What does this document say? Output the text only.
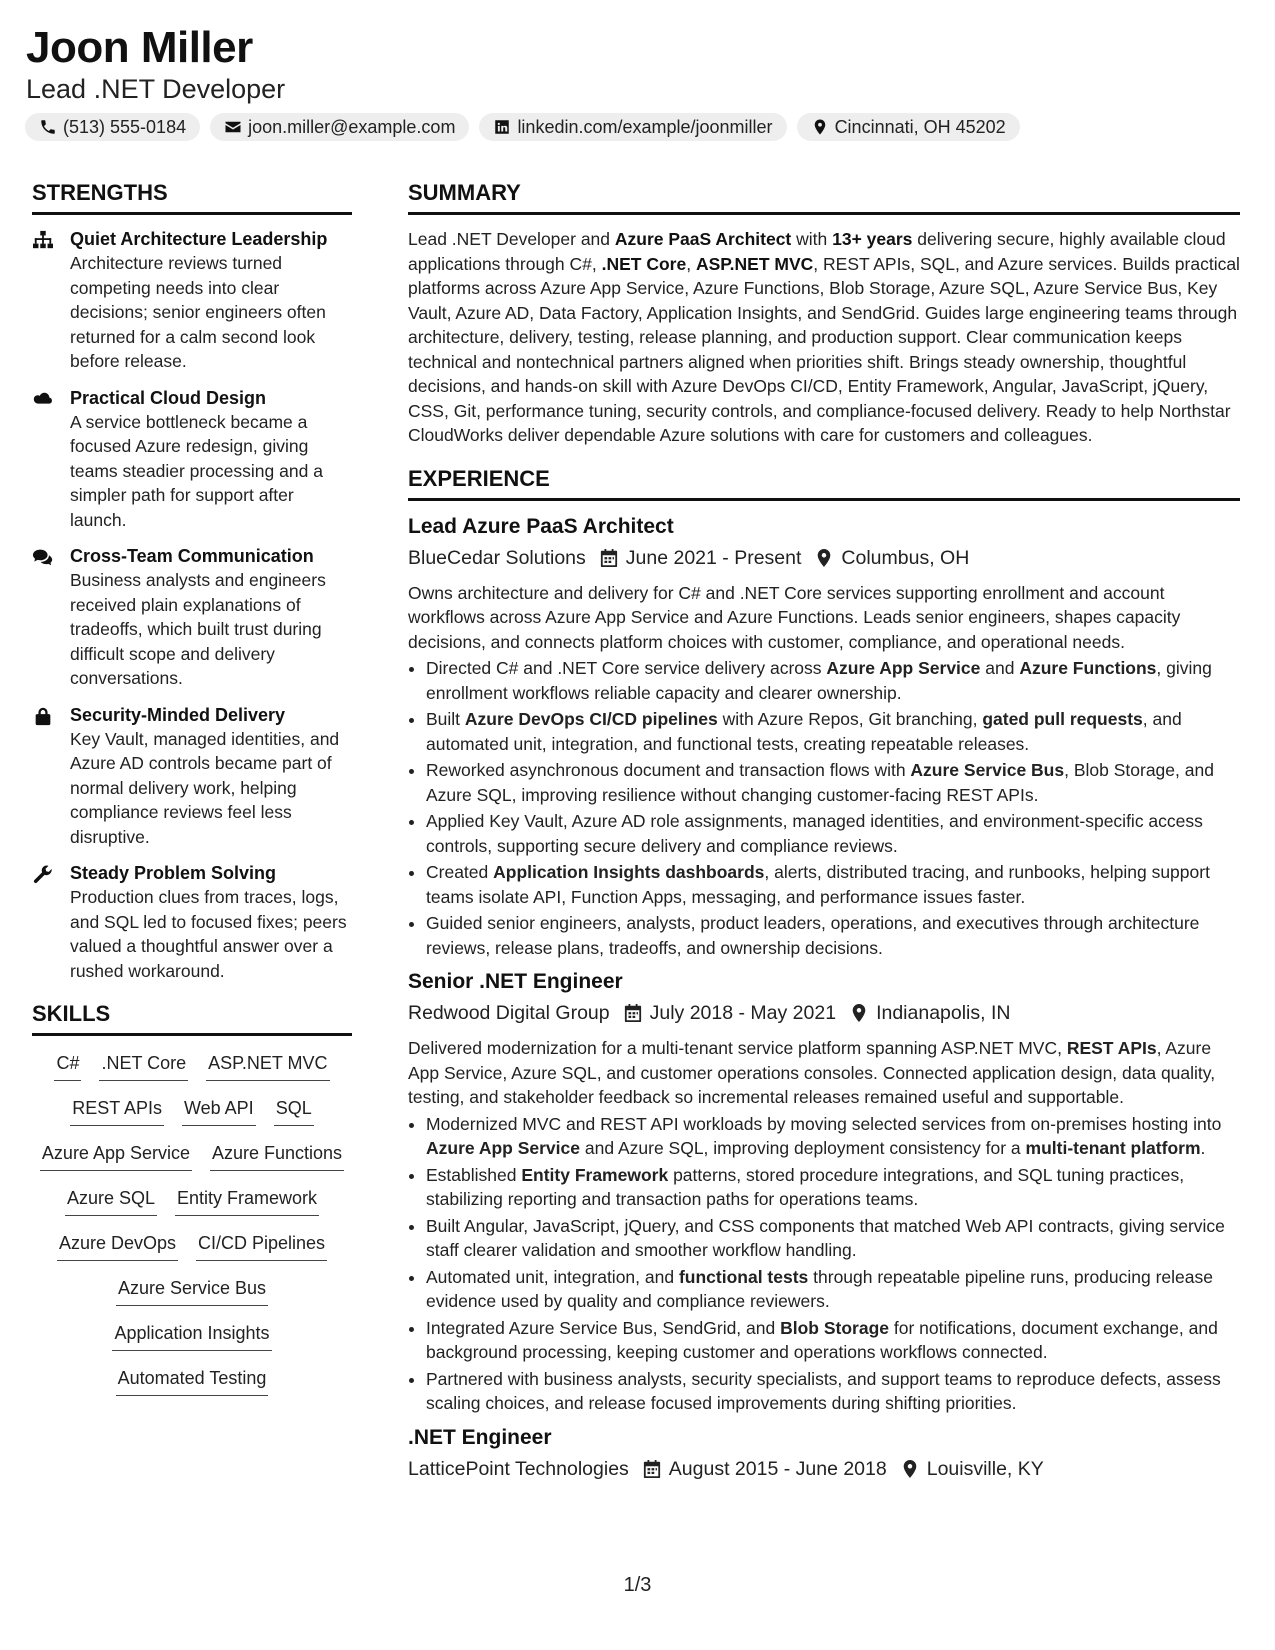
Joon Miller
Lead .NET Developer
(513) 555-0184	joon.miller@example.com	linkedin.com/example/joonmiller	Cincinnati, OH 45202
STRENGTHS
Quiet Architecture Leadership
Architecture reviews turned competing needs into clear decisions; senior engineers often returned for a calm second look before release.
Practical Cloud Design
A service bottleneck became a focused Azure redesign, giving teams steadier processing and a simpler path for support after launch.
Cross-Team Communication
Business analysts and engineers received plain explanations of tradeoffs, which built trust during difficult scope and delivery conversations.
Security-Minded Delivery
Key Vault, managed identities, and Azure AD controls became part of normal delivery work, helping compliance reviews feel less disruptive.
Steady Problem Solving
Production clues from traces, logs, and SQL led to focused fixes; peers valued a thoughtful answer over a rushed workaround.
SKILLS
C# .NET Core ASP.NET MVC
REST APIs Web API SQL
Azure App Service Azure Functions
Azure SQL Entity Framework
Azure DevOps CI/CD Pipelines
Azure Service Bus
Application Insights
Automated Testing
SUMMARY

Lead .NET Developer and Azure PaaS Architect with 13+ years delivering secure, highly available cloud applications through C#, .NET Core, ASP.NET MVC, REST APIs, SQL, and Azure services. Builds practical platforms across Azure App Service, Azure Functions, Blob Storage, Azure SQL, Azure Service Bus, Key Vault, Azure AD, Data Factory, Application Insights, and SendGrid. Guides large engineering teams through architecture, delivery, testing, release planning, and production support. Clear communication keeps technical and nontechnical partners aligned when priorities shift. Brings steady ownership, thoughtful decisions, and hands-on skill with Azure DevOps CI/CD, Entity Framework, Angular, JavaScript, jQuery, CSS, Git, performance tuning, security controls, and compliance-focused delivery. Ready to help Northstar CloudWorks deliver dependable Azure solutions with care for customers and colleagues.

EXPERIENCE
Lead Azure PaaS Architect
BlueCedar Solutions June 2021 - Present Columbus, OH
Owns architecture and delivery for C# and .NET Core services supporting enrollment and account workflows across Azure App Service and Azure Functions. Leads senior engineers, shapes capacity decisions, and connects platform choices with customer, compliance, and operational needs.
• Directed C# and .NET Core service delivery across Azure App Service and Azure Functions, giving enrollment workflows reliable capacity and clearer ownership.
• Built Azure DevOps CI/CD pipelines with Azure Repos, Git branching, gated pull requests, and automated unit, integration, and functional tests, creating repeatable releases.
• Reworked asynchronous document and transaction flows with Azure Service Bus, Blob Storage, and Azure SQL, improving resilience without changing customer-facing REST APIs.
• Applied Key Vault, Azure AD role assignments, managed identities, and environment-specific access controls, supporting secure delivery and compliance reviews.
• Created Application Insights dashboards, alerts, distributed tracing, and runbooks, helping support teams isolate API, Function Apps, messaging, and performance issues faster.
• Guided senior engineers, analysts, product leaders, operations, and executives through architecture reviews, release plans, tradeoffs, and ownership decisions.
Senior .NET Engineer
Redwood Digital Group July 2018 - May 2021 Indianapolis, IN
Delivered modernization for a multi-tenant service platform spanning ASP.NET MVC, REST APIs, Azure App Service, Azure SQL, and customer operations consoles. Connected application design, data quality, testing, and stakeholder feedback so incremental releases remained useful and supportable.
• Modernized MVC and REST API workloads by moving selected services from on-premises hosting into Azure App Service and Azure SQL, improving deployment consistency for a multi-tenant platform.
• Established Entity Framework patterns, stored procedure integrations, and SQL tuning practices, stabilizing reporting and transaction paths for operations teams.
• Built Angular, JavaScript, jQuery, and CSS components that matched Web API contracts, giving service staff clearer validation and smoother workflow handling.
• Automated unit, integration, and functional tests through repeatable pipeline runs, producing release evidence used by quality and compliance reviewers.
• Integrated Azure Service Bus, SendGrid, and Blob Storage for notifications, document exchange, and background processing, keeping customer and operations workflows connected.
• Partnered with business analysts, security specialists, and support teams to reproduce defects, assess scaling choices, and release focused improvements during shifting priorities.
.NET Engineer
LatticePoint Technologies August 2015 - June 2018 Louisville, KY
1/3
